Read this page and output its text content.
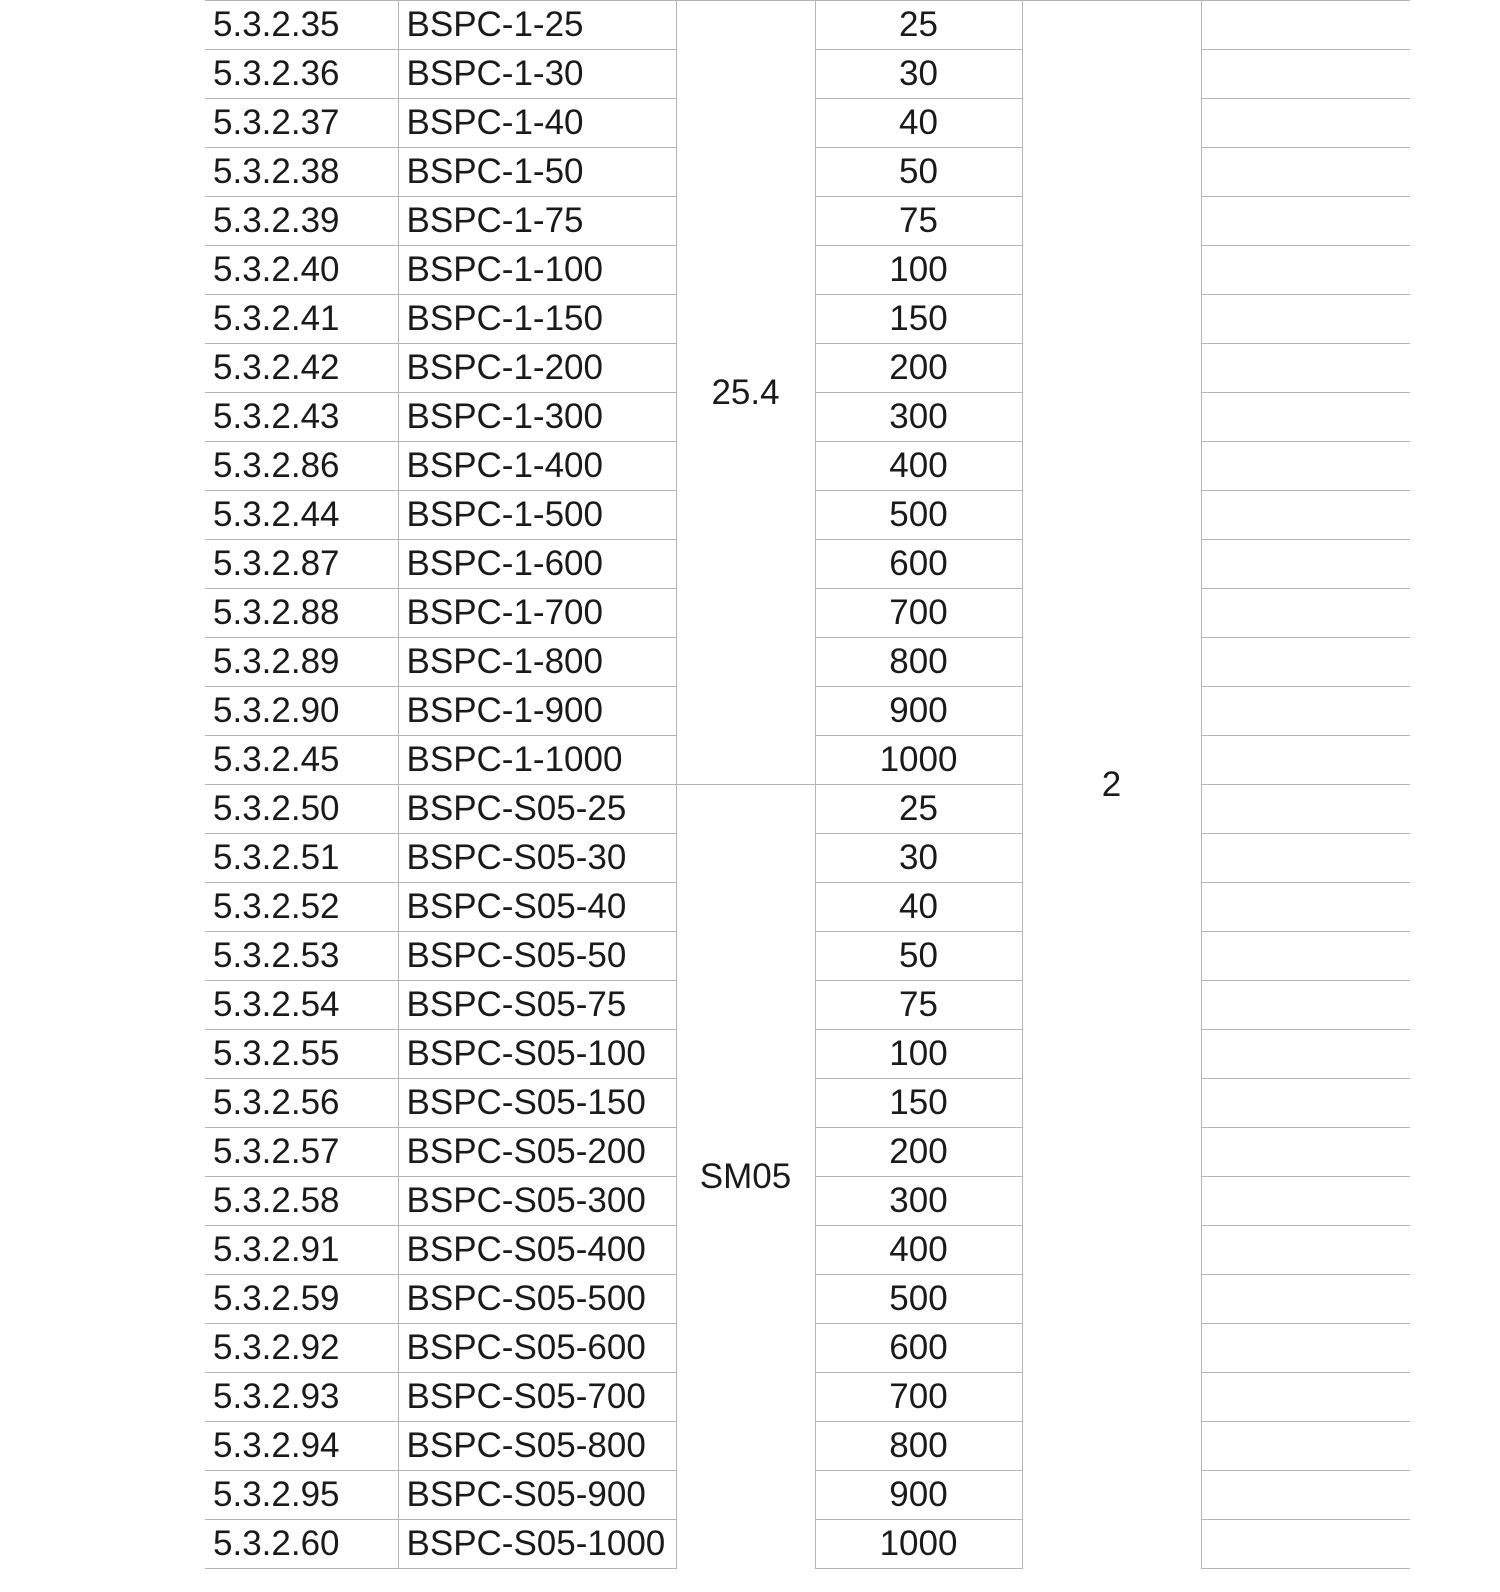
5.3.2.35	BSPC-1-25	25.4	25	2	
5.3.2.36	BSPC-1-30		30		
5.3.2.37	BSPC-1-40		40		
5.3.2.38	BSPC-1-50		50		
5.3.2.39	BSPC-1-75		75		
5.3.2.40	BSPC-1-100		100		
5.3.2.41	BSPC-1-150		150		
5.3.2.42	BSPC-1-200		200		
5.3.2.43	BSPC-1-300		300		
5.3.2.86	BSPC-1-400		400		
5.3.2.44	BSPC-1-500		500		
5.3.2.87	BSPC-1-600		600		
5.3.2.88	BSPC-1-700		700		
5.3.2.89	BSPC-1-800		800		
5.3.2.90	BSPC-1-900		900		
5.3.2.45	BSPC-1-1000		1000		
5.3.2.50	BSPC-S05-25	SM05	25		
5.3.2.51	BSPC-S05-30		30		
5.3.2.52	BSPC-S05-40		40		
5.3.2.53	BSPC-S05-50		50		
5.3.2.54	BSPC-S05-75		75		
5.3.2.55	BSPC-S05-100		100		
5.3.2.56	BSPC-S05-150		150		
5.3.2.57	BSPC-S05-200		200		
5.3.2.58	BSPC-S05-300		300		
5.3.2.91	BSPC-S05-400		400		
5.3.2.59	BSPC-S05-500		500		
5.3.2.92	BSPC-S05-600		600		
5.3.2.93	BSPC-S05-700		700		
5.3.2.94	BSPC-S05-800		800		
5.3.2.95	BSPC-S05-900		900		
5.3.2.60	BSPC-S05-1000		1000		
